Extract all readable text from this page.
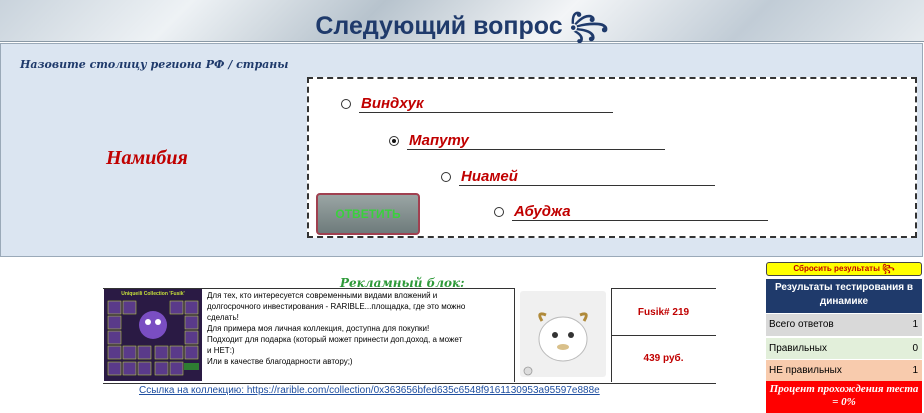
Следующий вопрос ꧂
Назовите столицу региона РФ / страны
Намибия
Виндхук
Мапуту
Ниамей
Абуджа
ОТВЕТИТЬ
Рекламный блок:
Uniqueili Collection 'Fusik'	Для тех, кто интересуется современными видами вложений и
долгосрочного инвестирования - RARIBLE...площадка, где это можно
сделать!
Для примера моя личная коллекция, доступна для покупки!
Подходит для подарка (который может принести доп.доход, а может
и НЕТ:)
Или в качестве благодарности автору;)
Fusik# 219
439 руб.
Ссылка на коллекцию: https://rarible.com/collection/0x363656bfed635c6548f9161130953a95597e888e
Сбросить результаты ꧂
Результаты тестирования в динамике
Всего ответов	1
Правильных	0
НЕ правильных	1
Процент прохождения теста = 0%
